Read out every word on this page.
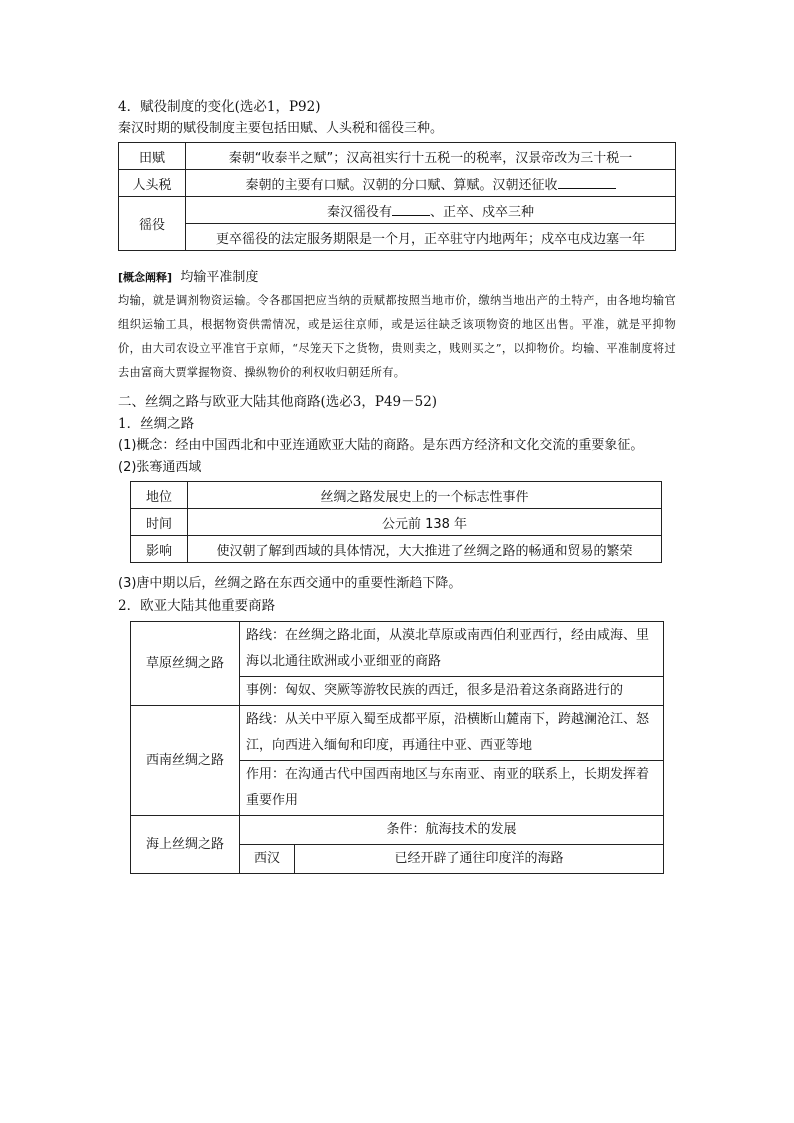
4．赋役制度的变化(选必1，P92)
秦汉时期的赋役制度主要包括田赋、人头税和徭役三种。
田赋	秦朝“收泰半之赋”；汉高祖实行十五税一的税率，汉景帝改为三十税一
人头税	秦朝的主要有口赋。汉朝的分口赋、算赋。汉朝还征收
徭役	秦汉徭役有 、正卒、戍卒三种
	更卒徭役的法定服务期限是一个月，正卒驻守内地两年；戍卒屯戍边塞一年
[概念阐释] 均输平准制度
均输，就是调剂物资运输。令各郡国把应当纳的贡赋都按照当地市价，缴纳当地出产的土特产，由各地均输官组织运输工具，根据物资供需情况，或是运往京师，或是运往缺乏该项物资的地区出售。平准，就是平抑物价，由大司农设立平准官于京师，“尽笼天下之货物，贵则卖之，贱则买之”，以抑物价。均输、平准制度将过去由富商大贾掌握物资、操纵物价的利权收归朝廷所有。
二、丝绸之路与欧亚大陆其他商路(选必3，P49－52)
1．丝绸之路
(1)概念：经由中国西北和中亚连通欧亚大陆的商路。是东西方经济和文化交流的重要象征。
(2)张骞通西域
地位	丝绸之路发展史上的一个标志性事件
时间	公元前 138 年
影响	使汉朝了解到西域的具体情况，大大推进了丝绸之路的畅通和贸易的繁荣
(3)唐中期以后，丝绸之路在东西交通中的重要性渐趋下降。
2．欧亚大陆其他重要商路
草原丝绸之路	路线：在丝绸之路北面，从漠北草原或南西伯利亚西行，经由咸海、里海以北通往欧洲或小亚细亚的商路
事例：匈奴、突厥等游牧民族的西迁，很多是沿着这条商路进行的
西南丝绸之路	路线：从关中平原入蜀至成都平原，沿横断山麓南下，跨越澜沧江、怒江，向西进入缅甸和印度，再通往中亚、西亚等地
作用：在沟通古代中国西南地区与东南亚、南亚的联系上，长期发挥着重要作用
海上丝绸之路	条件：航海技术的发展

西汉	已经开辟了通往印度洋的海路
